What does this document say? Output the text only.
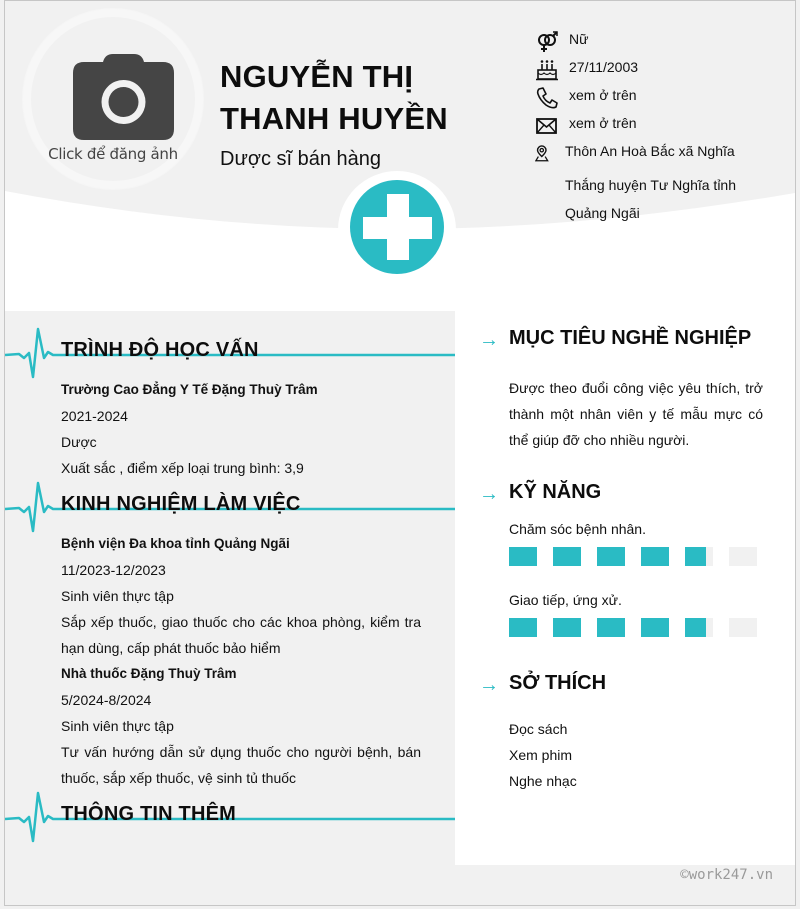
Click để đăng ảnh
NGUYỄN THỊ
THANH HUYỀN
Dược sĩ bán hàng
Nữ
27/11/2003
xem ở trên
xem ở trên
Thôn An Hoà Bắc xã Nghĩa
Thắng huyện Tư Nghĩa tỉnh
Quảng Ngãi
TRÌNH ĐỘ HỌC VẤN
Trường Cao Đẳng Y Tế Đặng Thuỳ Trâm
2021-2024
Dược
Xuất sắc , điểm xếp loại trung bình: 3,9
KINH NGHIỆM LÀM VIỆC
Bệnh viện Đa khoa tỉnh Quảng Ngãi
11/2023-12/2023
Sinh viên thực tập
Sắp xếp thuốc, giao thuốc cho các khoa phòng, kiểm tra
hạn dùng, cấp phát thuốc bảo hiểm
Nhà thuốc Đặng Thuỳ Trâm
5/2024-8/2024
Sinh viên thực tập
Tư vấn hướng dẫn sử dụng thuốc cho người bệnh, bán
thuốc, sắp xếp thuốc, vệ sinh tủ thuốc
THÔNG TIN THÊM
→ MỤC TIÊU NGHỀ NGHIỆP
Được theo đuổi công việc yêu thích, trở
thành một nhân viên y tế mẫu mực có
thể giúp đỡ cho nhiều người.
→ KỸ NĂNG
Chăm sóc bệnh nhân.
Giao tiếp, ứng xử.
→ SỞ THÍCH
Đọc sách
Xem phim
Nghe nhạc
©work247.vn
